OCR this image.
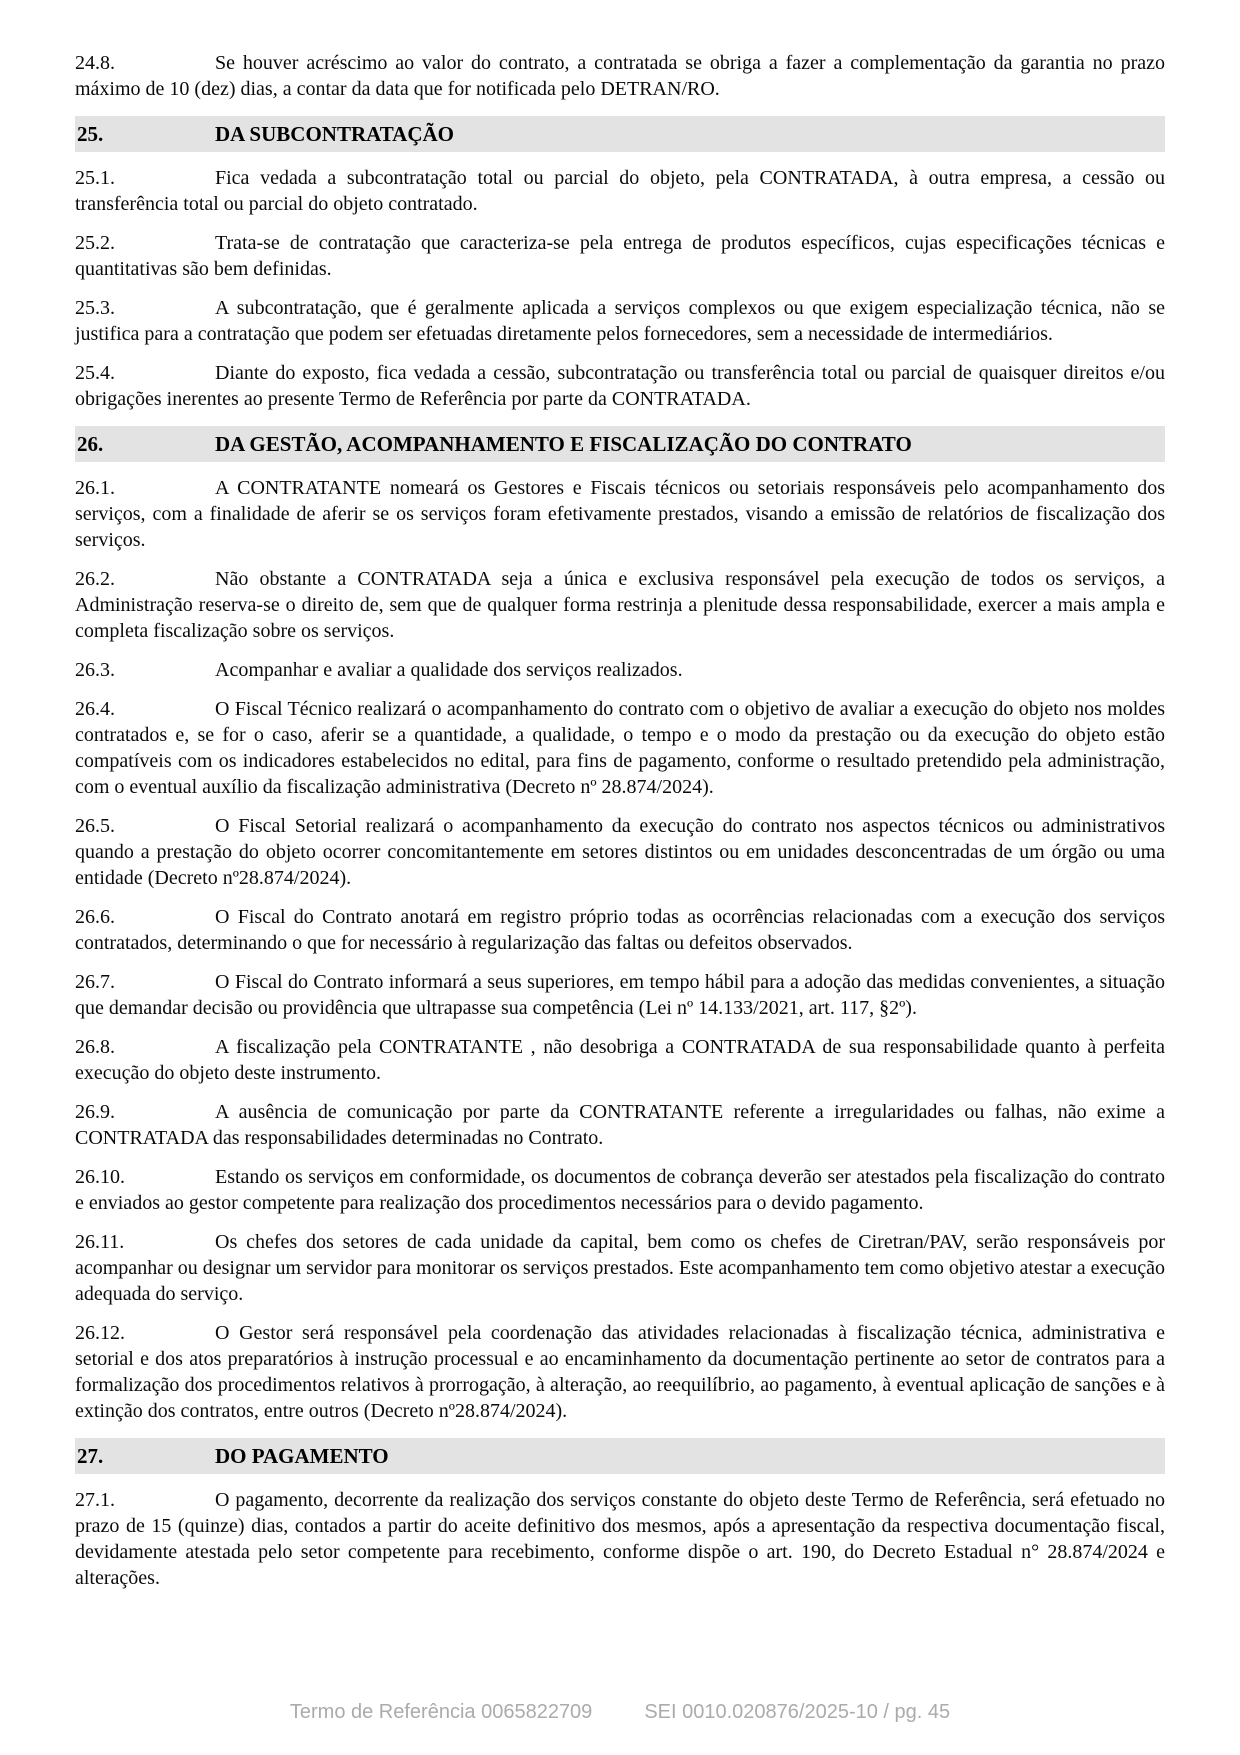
24.8.	Se houver acréscimo ao valor do contrato, a contratada se obriga a fazer a complementação da garantia no prazo máximo de 10 (dez) dias, a contar da data que for notificada pelo DETRAN/RO.

25.	DA SUBCONTRATAÇÃO

25.1.	Fica vedada a subcontratação total ou parcial do objeto, pela CONTRATADA, à outra empresa, a cessão ou transferência total ou parcial do objeto contratado.

25.2.	Trata-se de contratação que caracteriza-se pela entrega de produtos específicos, cujas especificações técnicas e quantitativas são bem definidas.

25.3.	A subcontratação, que é geralmente aplicada a serviços complexos ou que exigem especialização técnica, não se justifica para a contratação que podem ser efetuadas diretamente pelos fornecedores, sem a necessidade de intermediários.

25.4.	Diante do exposto, fica vedada a cessão, subcontratação ou transferência total ou parcial de quaisquer direitos e/ou obrigações inerentes ao presente Termo de Referência por parte da CONTRATADA.

26.	DA GESTÃO, ACOMPANHAMENTO E FISCALIZAÇÃO DO CONTRATO

26.1.	A CONTRATANTE nomeará os Gestores e Fiscais técnicos ou setoriais responsáveis pelo acompanhamento dos serviços, com a finalidade de aferir se os serviços foram efetivamente prestados, visando a emissão de relatórios de fiscalização dos serviços.

26.2.	Não obstante a CONTRATADA seja a única e exclusiva responsável pela execução de todos os serviços, a Administração reserva-se o direito de, sem que de qualquer forma restrinja a plenitude dessa responsabilidade, exercer a mais ampla e completa fiscalização sobre os serviços.

26.3.	Acompanhar e avaliar a qualidade dos serviços realizados.

26.4.	O Fiscal Técnico realizará o acompanhamento do contrato com o objetivo de avaliar a execução do objeto nos moldes contratados e, se for o caso, aferir se a quantidade, a qualidade, o tempo e o modo da prestação ou da execução do objeto estão compatíveis com os indicadores estabelecidos no edital, para fins de pagamento, conforme o resultado pretendido pela administração, com o eventual auxílio da fiscalização administrativa (Decreto nº 28.874/2024).

26.5.	O Fiscal Setorial realizará o acompanhamento da execução do contrato nos aspectos técnicos ou administrativos quando a prestação do objeto ocorrer concomitantemente em setores distintos ou em unidades desconcentradas de um órgão ou uma entidade (Decreto nº28.874/2024).

26.6.	O Fiscal do Contrato anotará em registro próprio todas as ocorrências relacionadas com a execução dos serviços contratados, determinando o que for necessário à regularização das faltas ou defeitos observados.

26.7.	O Fiscal do Contrato informará a seus superiores, em tempo hábil para a adoção das medidas convenientes, a situação que demandar decisão ou providência que ultrapasse sua competência (Lei nº 14.133/2021, art. 117, §2º).

26.8.	A fiscalização pela CONTRATANTE , não desobriga a CONTRATADA de sua responsabilidade quanto à perfeita execução do objeto deste instrumento.

26.9.	A ausência de comunicação por parte da CONTRATANTE referente a irregularidades ou falhas, não exime a CONTRATADA das responsabilidades determinadas no Contrato.

26.10.	Estando os serviços em conformidade, os documentos de cobrança deverão ser atestados pela fiscalização do contrato e enviados ao gestor competente para realização dos procedimentos necessários para o devido pagamento.

26.11.	Os chefes dos setores de cada unidade da capital, bem como os chefes de Ciretran/PAV, serão responsáveis por acompanhar ou designar um servidor para monitorar os serviços prestados. Este acompanhamento tem como objetivo atestar a execução adequada do serviço.

26.12.	O Gestor será responsável pela coordenação das atividades relacionadas à fiscalização técnica, administrativa e setorial e dos atos preparatórios à instrução processual e ao encaminhamento da documentação pertinente ao setor de contratos para a formalização dos procedimentos relativos à prorrogação, à alteração, ao reequilíbrio, ao pagamento, à eventual aplicação de sanções e à extinção dos contratos, entre outros (Decreto nº28.874/2024).

27.	DO PAGAMENTO

27.1.	O pagamento, decorrente da realização dos serviços constante do objeto deste Termo de Referência, será efetuado no prazo de 15 (quinze) dias, contados a partir do aceite definitivo dos mesmos, após a apresentação da respectiva documentação fiscal, devidamente atestada pelo setor competente para recebimento, conforme dispõe o art. 190, do Decreto Estadual n° 28.874/2024 e alterações.

Termo de Referência 0065822709	SEI 0010.020876/2025-10 / pg. 45
